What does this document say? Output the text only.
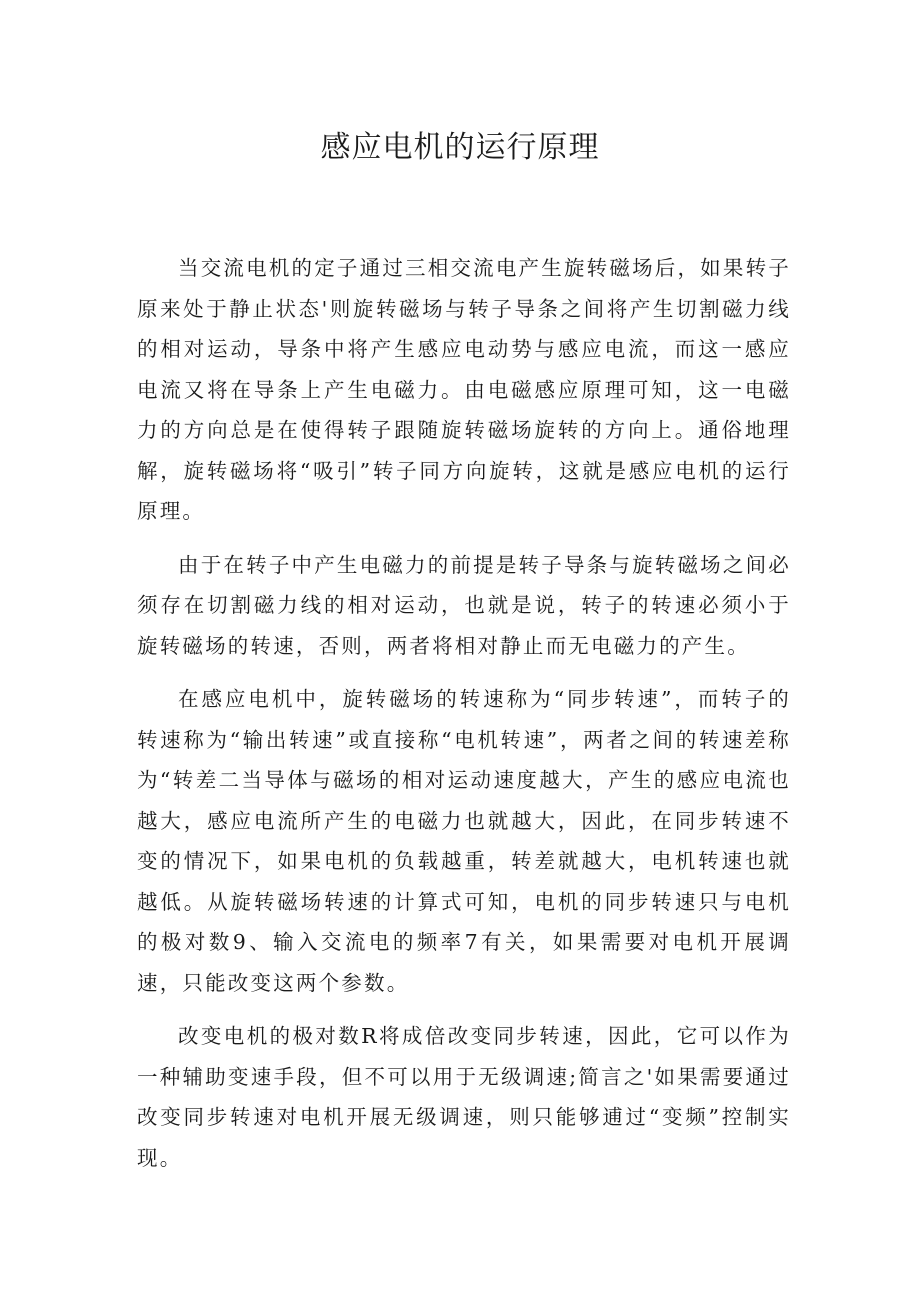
感应电机的运行原理

当交流电机的定子通过三相交流电产生旋转磁场后，如果转子原来处于静止状态'则旋转磁场与转子导条之间将产生切割磁力线的相对运动，导条中将产生感应电动势与感应电流，而这一感应电流又将在导条上产生电磁力。由电磁感应原理可知，这一电磁力的方向总是在使得转子跟随旋转磁场旋转的方向上。通俗地理解，旋转磁场将“吸引”转子同方向旋转，这就是感应电机的运行原理。

由于在转子中产生电磁力的前提是转子导条与旋转磁场之间必须存在切割磁力线的相对运动，也就是说，转子的转速必须小于旋转磁场的转速，否则，两者将相对静止而无电磁力的产生。

在感应电机中，旋转磁场的转速称为“同步转速”，而转子的转速称为“输出转速”或直接称“电机转速”，两者之间的转速差称为“转差二当导体与磁场的相对运动速度越大，产生的感应电流也越大，感应电流所产生的电磁力也就越大，因此，在同步转速不变的情况下，如果电机的负载越重，转差就越大，电机转速也就越低。从旋转磁场转速的计算式可知，电机的同步转速只与电机的极对数9、输入交流电的频率7有关，如果需要对电机开展调速，只能改变这两个参数。

改变电机的极对数R将成倍改变同步转速，因此，它可以作为一种辅助变速手段，但不可以用于无级调速;简言之'如果需要通过改变同步转速对电机开展无级调速，则只能够逋过“变频”控制实现。
